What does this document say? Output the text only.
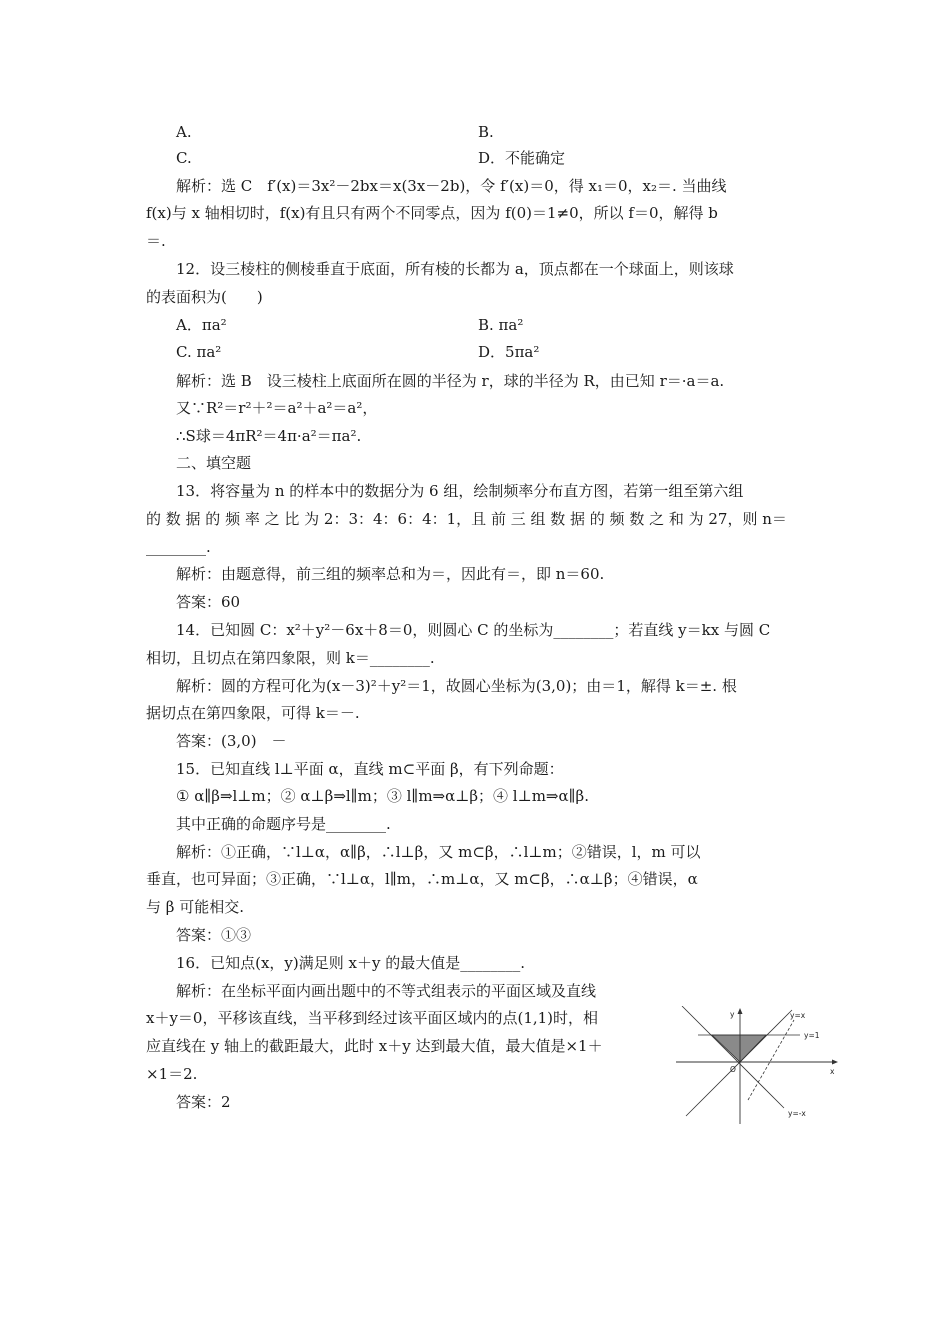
A.	B.
C.	D．不能确定
解析：选 C　f′(x)＝3x²－2bx＝x(3x－2b)，令 f′(x)＝0，得 x₁＝0，x₂＝. 当曲线
f(x)与 x 轴相切时，f(x)有且只有两个不同零点，因为 f(0)＝1≠0，所以 f＝0，解得 b
＝.
12．设三棱柱的侧棱垂直于底面，所有棱的长都为 a，顶点都在一个球面上，则该球
的表面积为(　　)
A．πa²	B. πa²
C. πa²	D．5πa²
解析：选 B　设三棱柱上底面所在圆的半径为 r，球的半径为 R，由已知 r＝·a＝a.
又∵R²＝r²＋²＝a²＋a²＝a²，
∴S球＝4πR²＝4π·a²＝πa².
二、填空题
13．将容量为 n 的样本中的数据分为 6 组，绘制频率分布直方图，若第一组至第六组
的 数 据 的 频 率 之 比 为 2：3：4：6：4：1，且 前 三 组 数 据 的 频 数 之 和 为 27，则 n＝
________.
解析：由题意得，前三组的频率总和为＝，因此有＝，即 n＝60.
答案：60
14．已知圆 C：x²＋y²－6x＋8＝0，则圆心 C 的坐标为________；若直线 y＝kx 与圆 C
相切，且切点在第四象限，则 k＝________.
解析：圆的方程可化为(x－3)²＋y²＝1，故圆心坐标为(3,0)；由＝1，解得 k＝±. 根
据切点在第四象限，可得 k＝－.
答案：(3,0)　－
15．已知直线 l⊥平面 α，直线 m⊂平面 β，有下列命题：
① α∥β⇒l⊥m；② α⊥β⇒l∥m；③ l∥m⇒α⊥β；④ l⊥m⇒α∥β.
其中正确的命题序号是________.
解析：①正确，∵l⊥α，α∥β，∴l⊥β，又 m⊂β，∴l⊥m；②错误，l，m 可以
垂直，也可异面；③正确，∵l⊥α，l∥m，∴m⊥α，又 m⊂β，∴α⊥β；④错误，α
与 β 可能相交.
答案：①③
16．已知点(x，y)满足则 x＋y 的最大值是________.
解析：在坐标平面内画出题中的不等式组表示的平面区域及直线
x＋y＝0，平移该直线，当平移到经过该平面区域内的点(1,1)时，相
应直线在 y 轴上的截距最大，此时 x＋y 达到最大值，最大值是×1＋
×1＝2.
答案：2
y
x
O
y=x
y=1
y=-x
